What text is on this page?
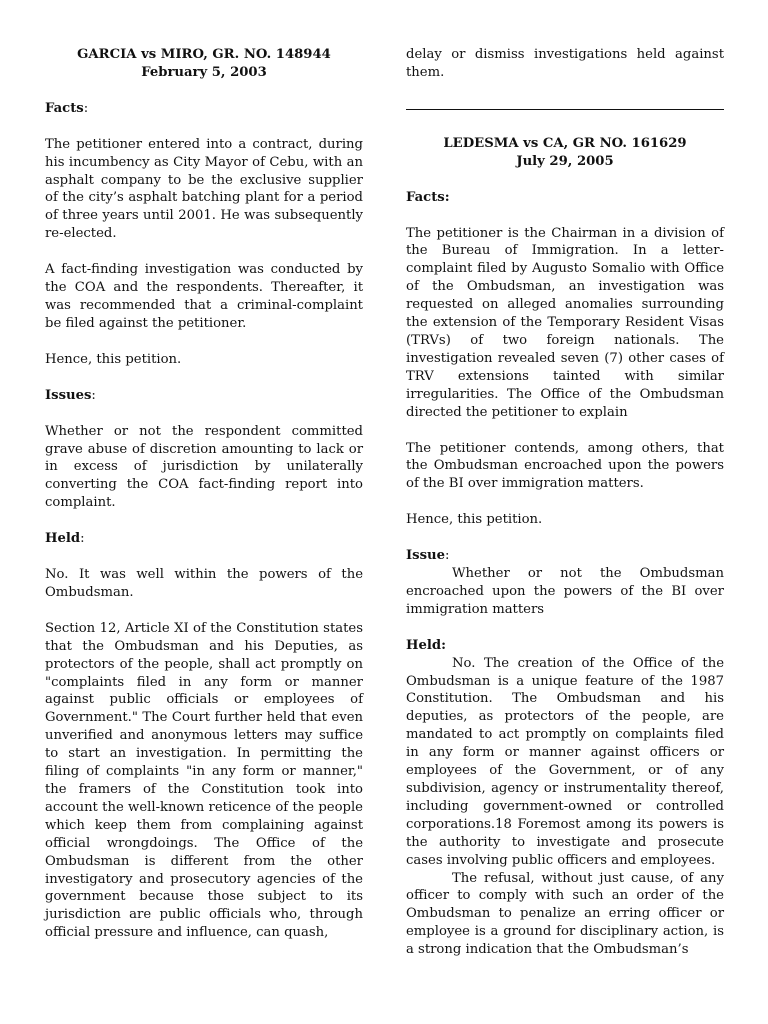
GARCIA vs MIRO, GR. NO. 148944
February 5, 2003

Facts:

The petitioner entered into a contract, during his incumbency as City Mayor of Cebu, with an asphalt company to be the exclusive supplier of the city’s asphalt batching plant for a period of three years until 2001. He was subsequently re-elected.

A fact-finding investigation was conducted by the COA and the respondents. Thereafter, it was recommended that a criminal-complaint be filed against the petitioner.

Hence, this petition.

Issues:

Whether or not the respondent committed grave abuse of discretion amounting to lack or in excess of jurisdiction by unilaterally converting the COA fact-finding report into complaint.

Held:

No. It was well within the powers of the Ombudsman.

Section 12, Article XI of the Constitution states that the Ombudsman and his Deputies, as protectors of the people, shall act promptly on "complaints filed in any form or manner against public officials or employees of Government." The Court further held that even unverified and anonymous letters may suffice to start an investigation. In permitting the filing of complaints "in any form or manner," the framers of the Constitution took into account the well-known reticence of the people which keep them from complaining against official wrongdoings. The Office of the Ombudsman is different from the other investigatory and prosecutory agencies of the government because those subject to its jurisdiction are public officials who, through official pressure and influence, can quash,

delay or dismiss investigations held against them.

LEDESMA vs CA, GR NO. 161629
July 29, 2005

Facts:

The petitioner is the Chairman in a division of the Bureau of Immigration. In a letter-complaint filed by Augusto Somalio with Office of the Ombudsman, an investigation was requested on alleged anomalies surrounding the extension of the Temporary Resident Visas (TRVs) of two foreign nationals. The investigation revealed seven (7) other cases of TRV extensions tainted with similar irregularities. The Office of the Ombudsman directed the petitioner to explain

The petitioner contends, among others, that the Ombudsman encroached upon the powers of the BI over immigration matters.

Hence, this petition.

Issue:

Whether or not the Ombudsman encroached upon the powers of the BI over immigration matters

Held:

No. The creation of the Office of the Ombudsman is a unique feature of the 1987 Constitution. The Ombudsman and his deputies, as protectors of the people, are mandated to act promptly on complaints filed in any form or manner against officers or employees of the Government, or of any subdivision, agency or instrumentality thereof, including government-owned or controlled corporations.18 Foremost among its powers is the authority to investigate and prosecute cases involving public officers and employees.

The refusal, without just cause, of any officer to comply with such an order of the Ombudsman to penalize an erring officer or employee is a ground for disciplinary action, is a strong indication that the Ombudsman’s
